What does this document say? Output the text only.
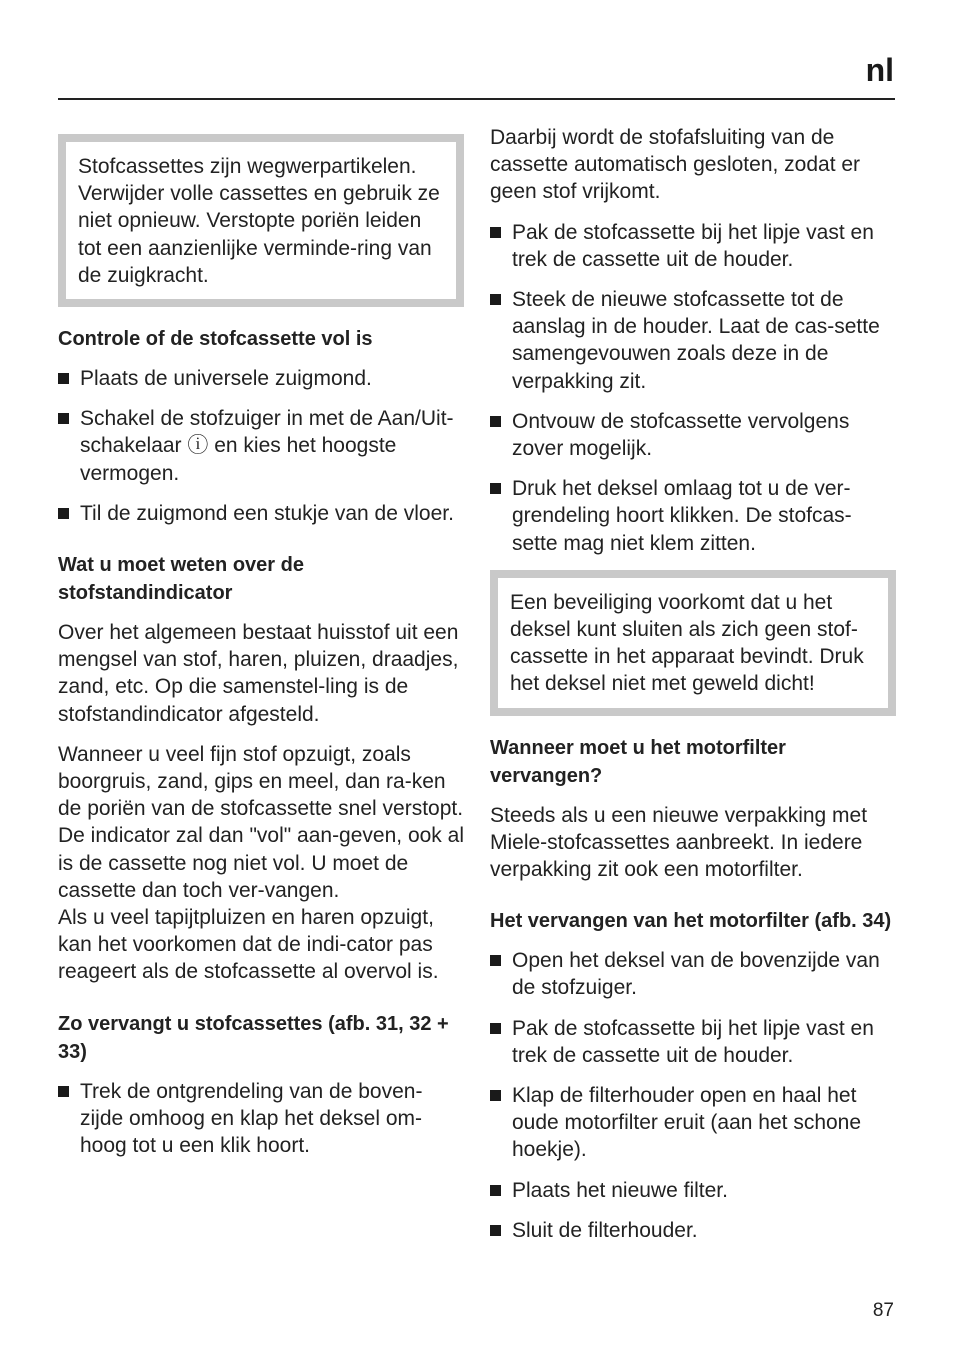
nl
Stofcassettes zijn wegwerpartikelen. Verwijder volle cassettes en gebruik ze niet opnieuw. Verstopte poriën leiden tot een aanzienlijke verminde-ring van de zuigkracht.
Controle of de stofcassette vol is
Plaats de universele zuigmond.
Schakel de stofzuiger in met de Aan/Uit-schakelaar ⓘ en kies het hoogste vermogen.
Til de zuigmond een stukje van de vloer.
Wat u moet weten over de stofstandindicator

Over het algemeen bestaat huisstof uit een mengsel van stof, haren, pluizen, draadjes, zand, etc. Op die samenstel-ling is de stofstandindicator afgesteld.

Wanneer u veel fijn stof opzuigt, zoals boorgruis, zand, gips en meel, dan ra-ken de poriën van de stofcassette snel verstopt. De indicator zal dan "vol" aan-geven, ook al is de cassette nog niet vol. U moet de cassette dan toch ver-vangen.

Als u veel tapijtpluizen en haren opzuigt, kan het voorkomen dat de indi-cator pas reageert als de stofcassette al overvol is.

Zo vervangt u stofcassettes (afb. 31, 32 + 33)
Trek de ontgrendeling van de boven-zijde omhoog en klap het deksel om-hoog tot u een klik hoort.

Daarbij wordt de stofafsluiting van de cassette automatisch gesloten, zodat er geen stof vrijkomt.

Pak de stofcassette bij het lipje vast en trek de cassette uit de houder.
Steek de nieuwe stofcassette tot de aanslag in de houder. Laat de cas-sette samengevouwen zoals deze in de verpakking zit.
Ontvouw de stofcassette vervolgens zover mogelijk.
Druk het deksel omlaag tot u de ver-grendeling hoort klikken. De stofcas-sette mag niet klem zitten.
Een beveiliging voorkomt dat u het deksel kunt sluiten als zich geen stof-cassette in het apparaat bevindt. Druk het deksel niet met geweld dicht!
Wanneer moet u het motorfilter vervangen?

Steeds als u een nieuwe verpakking met Miele-stofcassettes aanbreekt. In iedere verpakking zit ook een motorfilter.

Het vervangen van het motorfilter (afb. 34)
Open het deksel van de bovenzijde van de stofzuiger.
Pak de stofcassette bij het lipje vast en trek de cassette uit de houder.
Klap de filterhouder open en haal het oude motorfilter eruit (aan het schone hoekje).
Plaats het nieuwe filter.
Sluit de filterhouder.
87
